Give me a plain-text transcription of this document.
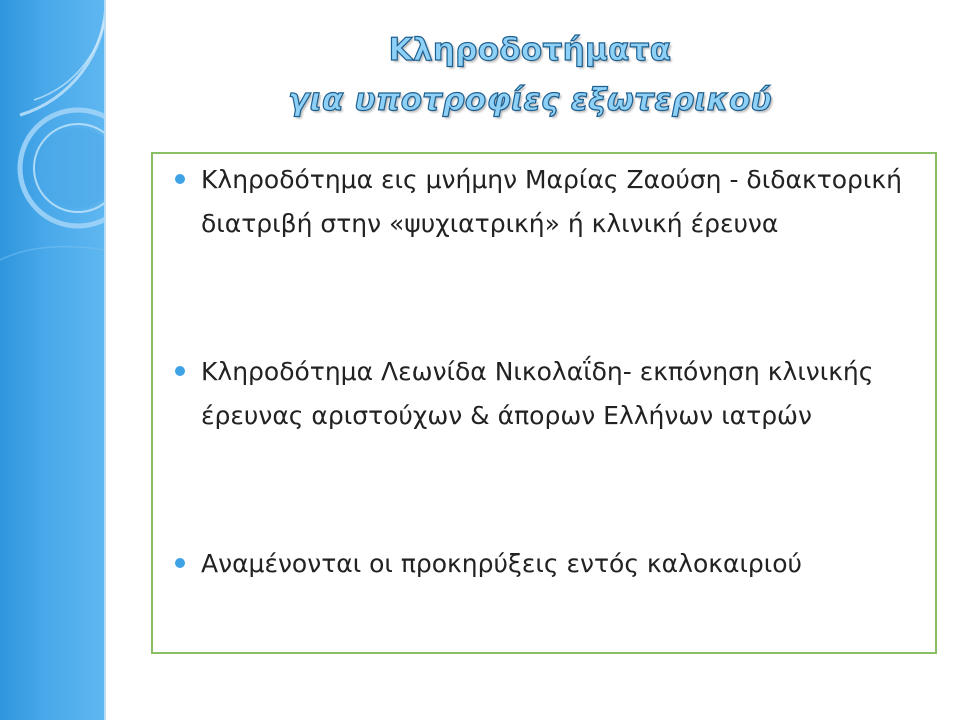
Κληροδοτήματα
για υποτροφίες εξωτερικού
Κληροδότημα εις μνήμην Μαρίας Ζαούση - διδακτορική διατριβή στην «ψυχιατρική» ή κλινική έρευνα
Κληροδότημα Λεωνίδα Νικολαΐδη- εκπόνηση κλινικής έρευνας αριστούχων & άπορων Ελλήνων ιατρών
Αναμένονται οι προκηρύξεις εντός καλοκαιριού
